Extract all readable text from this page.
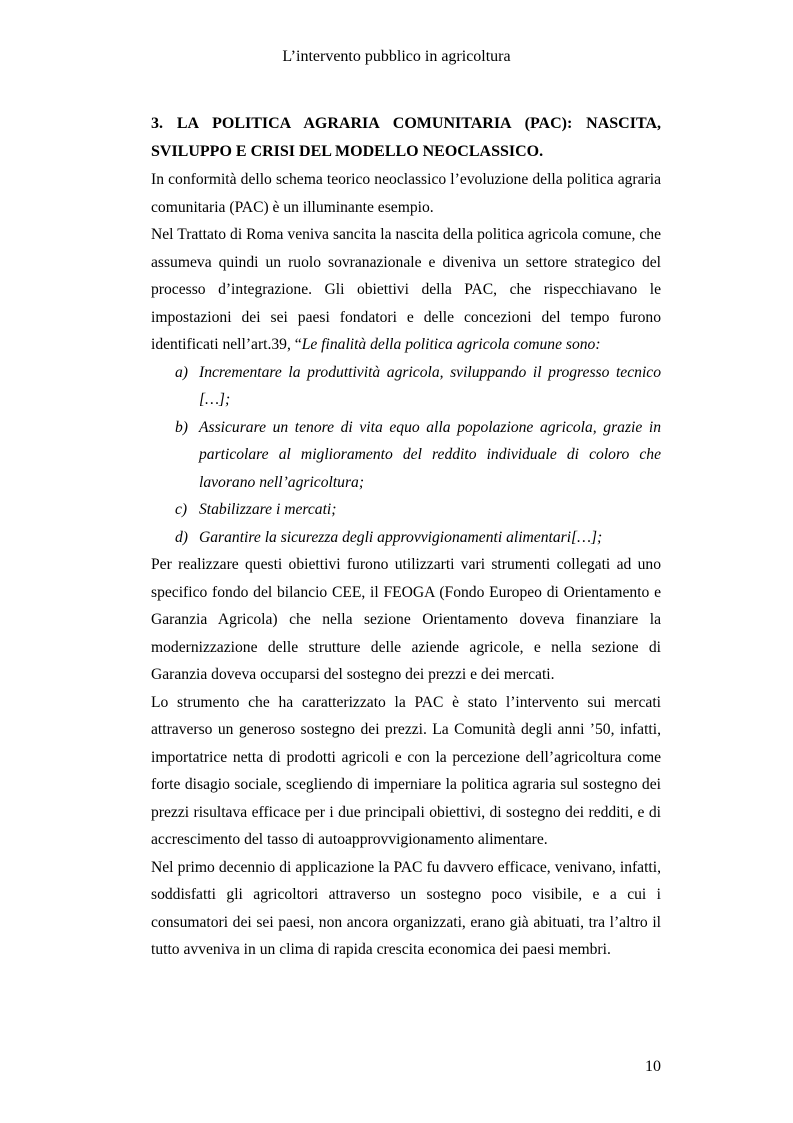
L’intervento pubblico in agricoltura
3. LA POLITICA AGRARIA COMUNITARIA (PAC): NASCITA, SVILUPPO E CRISI DEL MODELLO NEOCLASSICO.

In conformità dello schema teorico neoclassico l’evoluzione della politica agraria comunitaria (PAC) è un illuminante esempio.

Nel Trattato di Roma veniva sancita la nascita della politica agricola comune, che assumeva quindi un ruolo sovranazionale e diveniva un settore strategico del processo d’integrazione. Gli obiettivi della PAC, che rispecchiavano le impostazioni dei sei paesi fondatori e delle concezioni del tempo furono identificati nell’art.39, “Le finalità della politica agricola comune sono:

a) Incrementare la produttività agricola, sviluppando il progresso tecnico […];
b) Assicurare un tenore di vita equo alla popolazione agricola, grazie in particolare al miglioramento del reddito individuale di coloro che lavorano nell’agricoltura;
c) Stabilizzare i mercati;
d) Garantire la sicurezza degli approvvigionamenti alimentari[…];

Per realizzare questi obiettivi furono utilizzarti vari strumenti collegati ad uno specifico fondo del bilancio CEE, il FEOGA (Fondo Europeo di Orientamento e Garanzia Agricola) che nella sezione Orientamento doveva finanziare la modernizzazione delle strutture delle aziende agricole, e nella sezione di Garanzia doveva occuparsi del sostegno dei prezzi e dei mercati.

Lo strumento che ha caratterizzato la PAC è stato l’intervento sui mercati attraverso un generoso sostegno dei prezzi. La Comunità degli anni ’50, infatti, importatrice netta di prodotti agricoli e con la percezione dell’agricoltura come forte disagio sociale, scegliendo di imperniare la politica agraria sul sostegno dei prezzi risultava efficace per i due principali obiettivi, di sostegno dei redditi, e di accrescimento del tasso di autoapprovvigionamento alimentare.

Nel primo decennio di applicazione la PAC fu davvero efficace, venivano, infatti, soddisfatti gli agricoltori attraverso un sostegno poco visibile, e a cui i consumatori dei sei paesi, non ancora organizzati, erano già abituati, tra l’altro il tutto avveniva in un clima di rapida crescita economica dei paesi membri.

10
